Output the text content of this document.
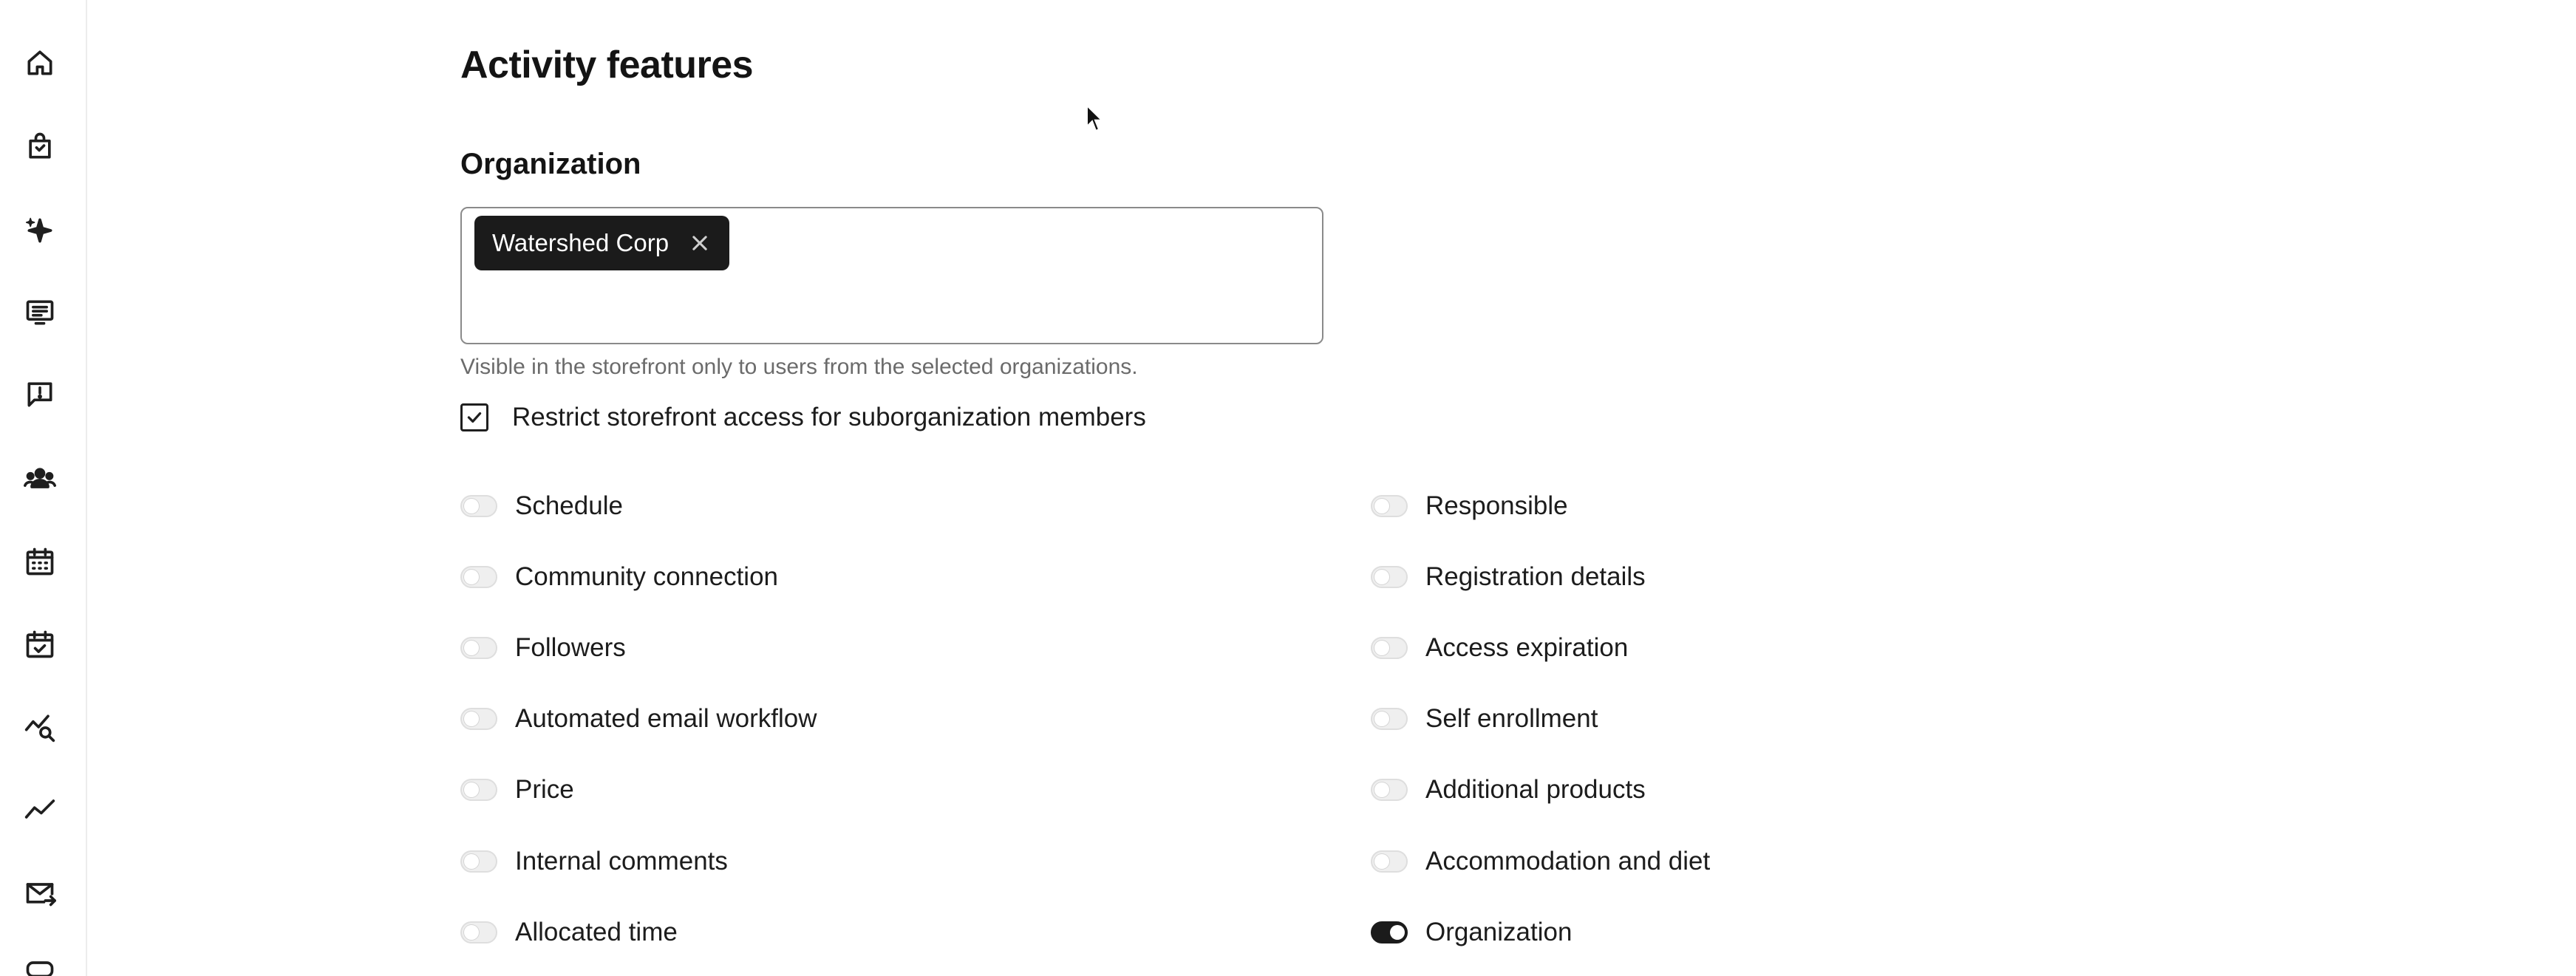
Activity features
Organization
Watershed Corp
Visible in the storefront only to users from the selected organizations.
Restrict storefront access for suborganization members
Schedule
Community connection
Followers
Automated email workflow
Price
Internal comments
Allocated time
Responsible
Registration details
Access expiration
Self enrollment
Additional products
Accommodation and diet
Organization
